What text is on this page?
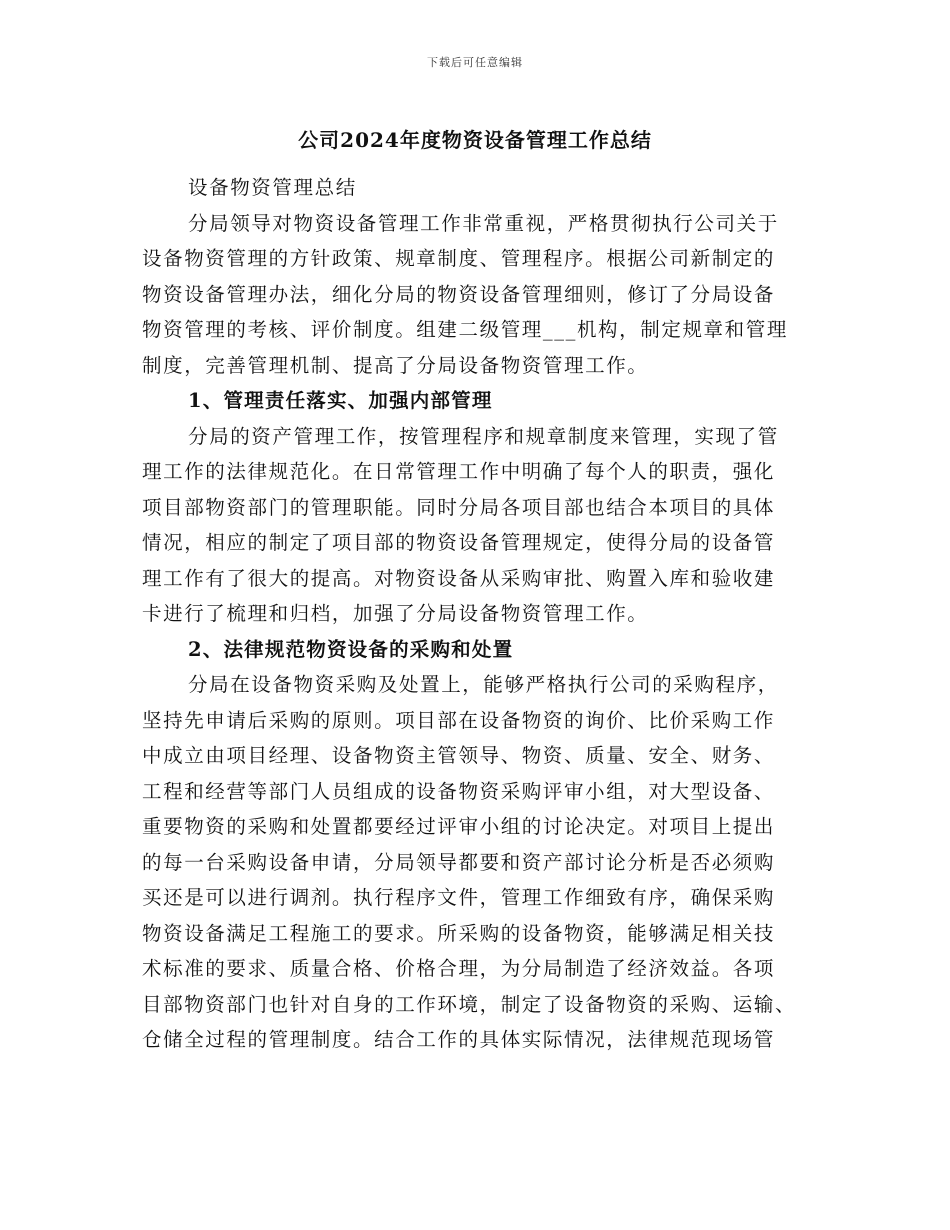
下载后可任意编辑
公司2024年度物资设备管理工作总结
设备物资管理总结
分局领导对物资设备管理工作非常重视，严格贯彻执行公司关于
设备物资管理的方针政策、规章制度、管理程序。根据公司新制定的
物资设备管理办法，细化分局的物资设备管理细则，修订了分局设备
物资管理的考核、评价制度。组建二级管理___机构，制定规章和管理
制度，完善管理机制、提高了分局设备物资管理工作。
1、管理责任落实、加强内部管理
分局的资产管理工作，按管理程序和规章制度来管理，实现了管
理工作的法律规范化。在日常管理工作中明确了每个人的职责，强化
项目部物资部门的管理职能。同时分局各项目部也结合本项目的具体
情况，相应的制定了项目部的物资设备管理规定，使得分局的设备管
理工作有了很大的提高。对物资设备从采购审批、购置入库和验收建
卡进行了梳理和归档，加强了分局设备物资管理工作。
2、法律规范物资设备的采购和处置
分局在设备物资采购及处置上，能够严格执行公司的采购程序，
坚持先申请后采购的原则。项目部在设备物资的询价、比价采购工作
中成立由项目经理、设备物资主管领导、物资、质量、安全、财务、
工程和经营等部门人员组成的设备物资采购评审小组，对大型设备、
重要物资的采购和处置都要经过评审小组的讨论决定。对项目上提出
的每一台采购设备申请，分局领导都要和资产部讨论分析是否必须购
买还是可以进行调剂。执行程序文件，管理工作细致有序，确保采购
物资设备满足工程施工的要求。所采购的设备物资，能够满足相关技
术标准的要求、质量合格、价格合理，为分局制造了经济效益。各项
目部物资部门也针对自身的工作环境，制定了设备物资的采购、运输、
仓储全过程的管理制度。结合工作的具体实际情况，法律规范现场管
